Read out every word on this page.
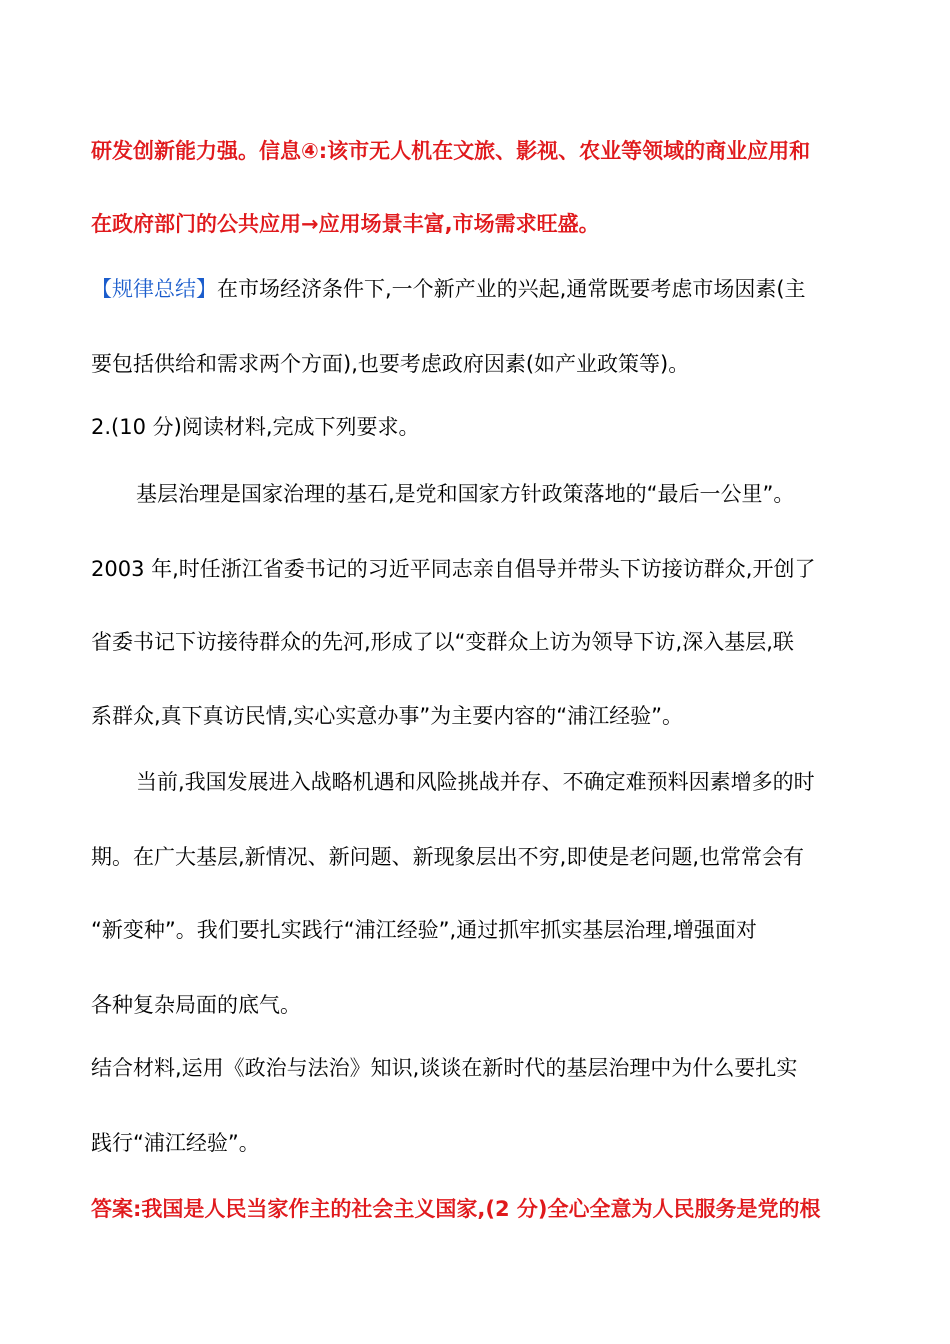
研发创新能力强。信息④:该市无人机在文旅、影视、农业等领域的商业应用和

在政府部门的公共应用→应用场景丰富,市场需求旺盛。

【规律总结】在市场经济条件下,一个新产业的兴起,通常既要考虑市场因素(主

要包括供给和需求两个方面),也要考虑政府因素(如产业政策等)。

2.(10 分)阅读材料,完成下列要求。

基层治理是国家治理的基石,是党和国家方针政策落地的“最后一公里”。

2003 年,时任浙江省委书记的习近平同志亲自倡导并带头下访接访群众,开创了

省委书记下访接待群众的先河,形成了以“变群众上访为领导下访,深入基层,联

系群众,真下真访民情,实心实意办事”为主要内容的“浦江经验”。

当前,我国发展进入战略机遇和风险挑战并存、不确定难预料因素增多的时

期。在广大基层,新情况、新问题、新现象层出不穷,即使是老问题,也常常会有

“新变种”。我们要扎实践行“浦江经验”,通过抓牢抓实基层治理,增强面对

各种复杂局面的底气。

结合材料,运用《政治与法治》知识,谈谈在新时代的基层治理中为什么要扎实

践行“浦江经验”。

答案:我国是人民当家作主的社会主义国家,(2 分)全心全意为人民服务是党的根
